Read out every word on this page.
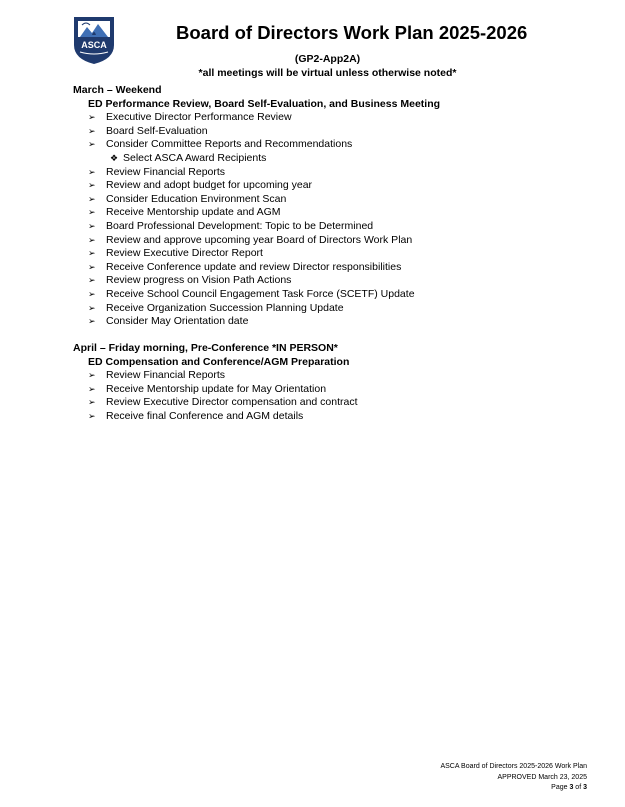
ASCA
Board of Directors Work Plan 2025-2026
(GP2-App2A)
*all meetings will be virtual unless otherwise noted*
March – Weekend
ED Performance Review, Board Self-Evaluation, and Business Meeting
➢ Executive Director Performance Review
➢ Board Self-Evaluation
➢ Consider Committee Reports and Recommendations
❖ Select ASCA Award Recipients
➢ Review Financial Reports
➢ Review and adopt budget for upcoming year
➢ Consider Education Environment Scan
➢ Receive Mentorship update and AGM
➢ Board Professional Development: Topic to be Determined
➢ Review and approve upcoming year Board of Directors Work Plan
➢ Review Executive Director Report
➢ Receive Conference update and review Director responsibilities
➢ Review progress on Vision Path Actions
➢ Receive School Council Engagement Task Force (SCETF) Update
➢ Receive Organization Succession Planning Update
➢ Consider May Orientation date
April – Friday morning, Pre-Conference *IN PERSON*
ED Compensation and Conference/AGM Preparation
➢ Review Financial Reports
➢ Receive Mentorship update for May Orientation
➢ Review Executive Director compensation and contract
➢ Receive final Conference and AGM details
ASCA Board of Directors 2025-2026 Work Plan
APPROVED March 23, 2025
Page 3 of 3
